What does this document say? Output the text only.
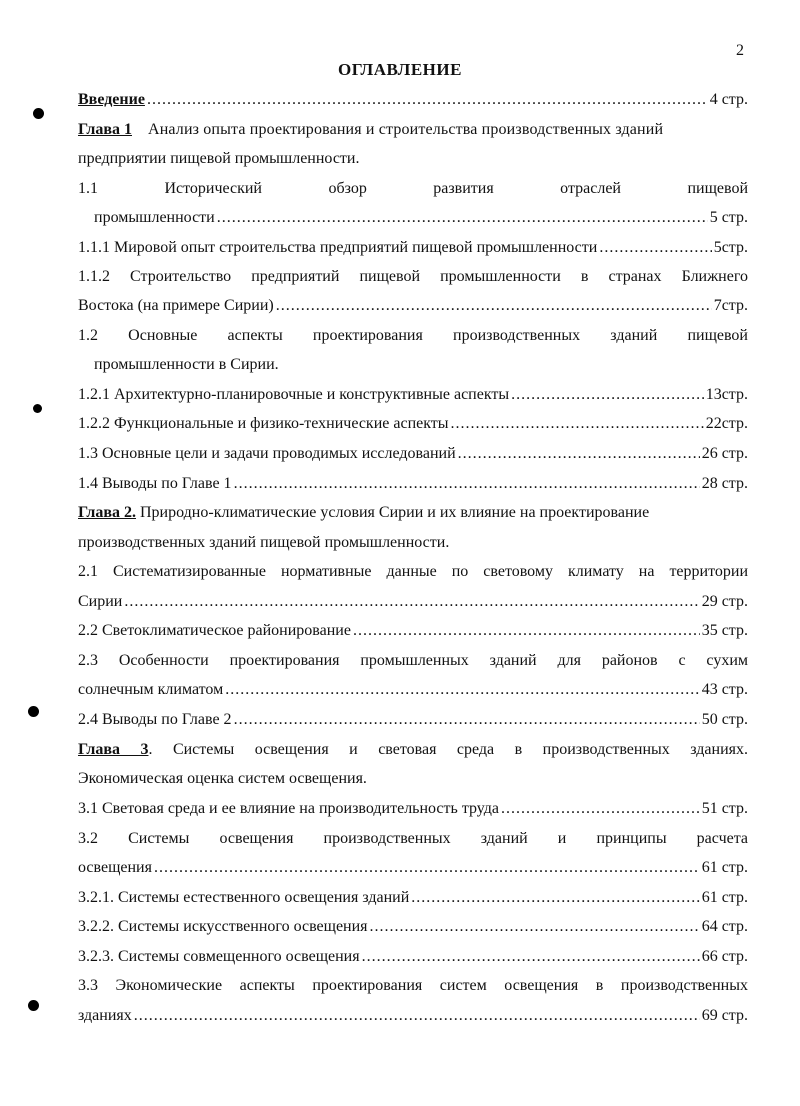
2
ОГЛАВЛЕНИЕ
Введение .....	4 стр.
Глава 1 Анализ опыта проектирования и строительства производственных зданий
предприятии пищевой промышленности.
1.1 Исторический обзор развития отраслей пищевой
промышленности .....	5 стр.
1.1.1 Мировой опыт строительства предприятий пищевой промышленности .....	5стр.
1.1.2 Строительство предприятий пищевой промышленности в странах Ближнего
Востока (на примере Сирии) .....	7стр.
1.2 Основные аспекты проектирования производственных зданий пищевой
промышленности в Сирии.
1.2.1 Архитектурно-планировочные и конструктивные аспекты .....	13стр.
1.2.2 Функциональные и физико-технические аспекты .....	22стр.
1.3 Основные цели и задачи проводимых исследований .....	26 стр.
1.4 Выводы по Главе 1 .....	28 стр.
Глава 2. Природно-климатические условия Сирии и их влияние на проектирование
производственных зданий пищевой промышленности.
2.1 Систематизированные нормативные данные по световому климату на территории
Сирии .....	29 стр.
2.2 Светоклиматическое районирование .....	35 стр.
2.3 Особенности проектирования промышленных зданий для районов с сухим
солнечным климатом .....	43 стр.
2.4 Выводы по Главе 2 .....	50 стр.
Глава 3. Системы освещения и световая среда в производственных зданиях.
Экономическая оценка систем освещения.
3.1 Световая среда и ее влияние на производительность труда .....	51 стр.
3.2 Системы освещения производственных зданий и принципы расчета
освещения .....	61 стр.
3.2.1. Системы естественного освещения зданий .....	61 стр.
3.2.2. Системы искусственного освещения .....	64 стр.
3.2.3. Системы совмещенного освещения .....	66 стр.
3.3 Экономические аспекты проектирования систем освещения в производственных
зданиях .....	69 стр.
